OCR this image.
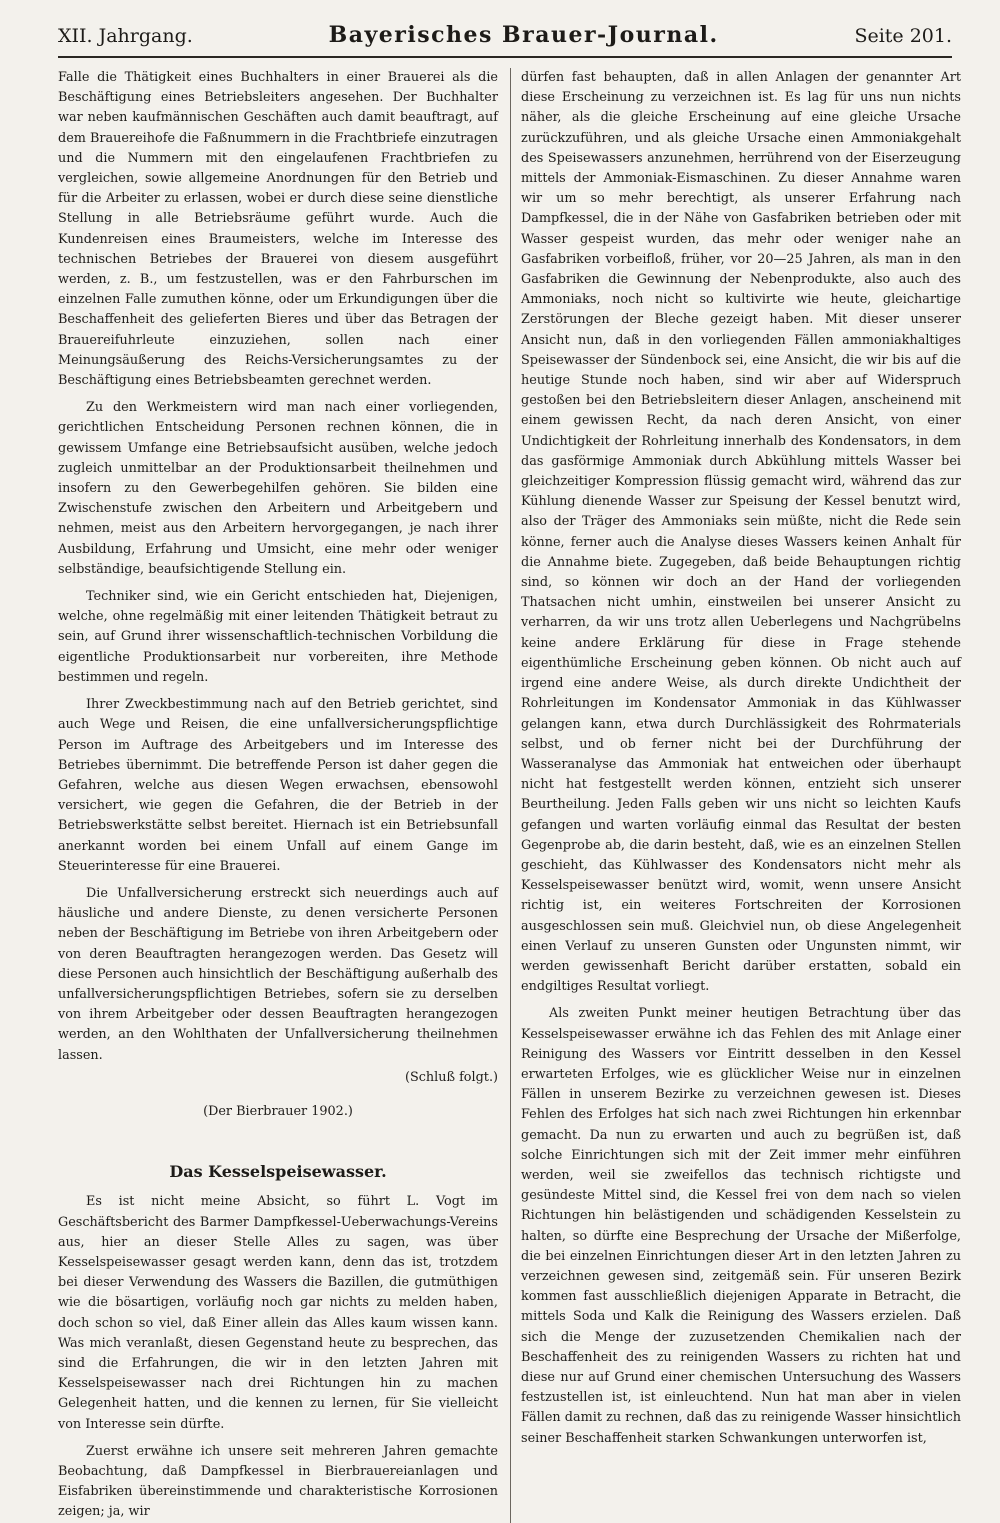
XII. Jahrgang.	Bayerisches Brauer-Journal.	Seite 201.

Falle die Thätigkeit eines Buchhalters in einer Brauerei als die Beschäftigung eines Betriebsleiters angesehen. Der Buchhalter war neben kaufmännischen Geschäften auch damit beauftragt, auf dem Brauereihofe die Faßnummern in die Frachtbriefe einzutragen und die Nummern mit den eingelaufenen Frachtbriefen zu vergleichen, sowie allgemeine Anordnungen für den Betrieb und für die Arbeiter zu erlassen, wobei er durch diese seine dienstliche Stellung in alle Betriebsräume geführt wurde. Auch die Kundenreisen eines Braumeisters, welche im Interesse des technischen Betriebes der Brauerei von diesem ausgeführt werden, z. B., um festzustellen, was er den Fahrburschen im einzelnen Falle zumuthen könne, oder um Erkundigungen über die Beschaffenheit des gelieferten Bieres und über das Betragen der Brauereifuhrleute einzuziehen, sollen nach einer Meinungsäußerung des Reichs-Versicherungsamtes zu der Beschäftigung eines Betriebsbeamten gerechnet werden.

Zu den Werkmeistern wird man nach einer vorliegenden, gerichtlichen Entscheidung Personen rechnen können, die in gewissem Umfange eine Betriebsaufsicht ausüben, welche jedoch zugleich unmittelbar an der Produktionsarbeit theilnehmen und insofern zu den Gewerbegehilfen gehören. Sie bilden eine Zwischenstufe zwischen den Arbeitern und Arbeitgebern und nehmen, meist aus den Arbeitern hervorgegangen, je nach ihrer Ausbildung, Erfahrung und Umsicht, eine mehr oder weniger selbständige, beaufsichtigende Stellung ein.

Techniker sind, wie ein Gericht entschieden hat, Diejenigen, welche, ohne regelmäßig mit einer leitenden Thätigkeit betraut zu sein, auf Grund ihrer wissenschaftlich-technischen Vorbildung die eigentliche Produktionsarbeit nur vorbereiten, ihre Methode bestimmen und regeln.

Ihrer Zweckbestimmung nach auf den Betrieb gerichtet, sind auch Wege und Reisen, die eine unfallversicherungspflichtige Person im Auftrage des Arbeitgebers und im Interesse des Betriebes übernimmt. Die betreffende Person ist daher gegen die Gefahren, welche aus diesen Wegen erwachsen, ebensowohl versichert, wie gegen die Gefahren, die der Betrieb in der Betriebswerkstätte selbst bereitet. Hiernach ist ein Betriebsunfall anerkannt worden bei einem Unfall auf einem Gange im Steuerinteresse für eine Brauerei.

Die Unfallversicherung erstreckt sich neuerdings auch auf häusliche und andere Dienste, zu denen versicherte Personen neben der Beschäftigung im Betriebe von ihren Arbeitgebern oder von deren Beauftragten herangezogen werden. Das Gesetz will diese Personen auch hinsichtlich der Beschäftigung außerhalb des unfallversicherungspflichtigen Betriebes, sofern sie zu derselben von ihrem Arbeitgeber oder dessen Beauftragten herangezogen werden, an den Wohlthaten der Unfallversicherung theilnehmen lassen.

(Schluß folgt.)
(Der Bierbrauer 1902.)
Das Kesselspeisewasser.

Es ist nicht meine Absicht, so führt L. Vogt im Geschäftsbericht des Barmer Dampfkessel-Ueberwachungs-Vereins aus, hier an dieser Stelle Alles zu sagen, was über Kesselspeisewasser gesagt werden kann, denn das ist, trotzdem bei dieser Verwendung des Wassers die Bazillen, die gutmüthigen wie die bösartigen, vorläufig noch gar nichts zu melden haben, doch schon so viel, daß Einer allein das Alles kaum wissen kann. Was mich veranlaßt, diesen Gegenstand heute zu besprechen, das sind die Erfahrungen, die wir in den letzten Jahren mit Kesselspeisewasser nach drei Richtungen hin zu machen Gelegenheit hatten, und die kennen zu lernen, für Sie vielleicht von Interesse sein dürfte.

Zuerst erwähne ich unsere seit mehreren Jahren gemachte Beobachtung, daß Dampfkessel in Bierbrauereianlagen und Eisfabriken übereinstimmende und charakteristische Korrosionen zeigen; ja, wir

dürfen fast behaupten, daß in allen Anlagen der genannter Art diese Erscheinung zu verzeichnen ist. Es lag für uns nun nichts näher, als die gleiche Erscheinung auf eine gleiche Ursache zurückzuführen, und als gleiche Ursache einen Ammoniakgehalt des Speisewassers anzunehmen, herrührend von der Eiserzeugung mittels der Ammoniak-Eismaschinen. Zu dieser Annahme waren wir um so mehr berechtigt, als unserer Erfahrung nach Dampfkessel, die in der Nähe von Gasfabriken betrieben oder mit Wasser gespeist wurden, das mehr oder weniger nahe an Gasfabriken vorbeifloß, früher, vor 20—25 Jahren, als man in den Gasfabriken die Gewinnung der Nebenprodukte, also auch des Ammoniaks, noch nicht so kultivirte wie heute, gleichartige Zerstörungen der Bleche gezeigt haben. Mit dieser unserer Ansicht nun, daß in den vorliegenden Fällen ammoniakhaltiges Speisewasser der Sündenbock sei, eine Ansicht, die wir bis auf die heutige Stunde noch haben, sind wir aber auf Widerspruch gestoßen bei den Betriebsleitern dieser Anlagen, anscheinend mit einem gewissen Recht, da nach deren Ansicht, von einer Undichtigkeit der Rohrleitung innerhalb des Kondensators, in dem das gasförmige Ammoniak durch Abkühlung mittels Wasser bei gleichzeitiger Kompression flüssig gemacht wird, während das zur Kühlung dienende Wasser zur Speisung der Kessel benutzt wird, also der Träger des Ammoniaks sein müßte, nicht die Rede sein könne, ferner auch die Analyse dieses Wassers keinen Anhalt für die Annahme biete. Zugegeben, daß beide Behauptungen richtig sind, so können wir doch an der Hand der vorliegenden Thatsachen nicht umhin, einstweilen bei unserer Ansicht zu verharren, da wir uns trotz allen Ueberlegens und Nachgrübelns keine andere Erklärung für diese in Frage stehende eigenthümliche Erscheinung geben können. Ob nicht auch auf irgend eine andere Weise, als durch direkte Undichtheit der Rohrleitungen im Kondensator Ammoniak in das Kühlwasser gelangen kann, etwa durch Durchlässigkeit des Rohrmaterials selbst, und ob ferner nicht bei der Durchführung der Wasseranalyse das Ammoniak hat entweichen oder überhaupt nicht hat festgestellt werden können, entzieht sich unserer Beurtheilung. Jeden Falls geben wir uns nicht so leichten Kaufs gefangen und warten vorläufig einmal das Resultat der besten Gegenprobe ab, die darin besteht, daß, wie es an einzelnen Stellen geschieht, das Kühlwasser des Kondensators nicht mehr als Kesselspeisewasser benützt wird, womit, wenn unsere Ansicht richtig ist, ein weiteres Fortschreiten der Korrosionen ausgeschlossen sein muß. Gleichviel nun, ob diese Angelegenheit einen Verlauf zu unseren Gunsten oder Ungunsten nimmt, wir werden gewissenhaft Bericht darüber erstatten, sobald ein endgiltiges Resultat vorliegt.

Als zweiten Punkt meiner heutigen Betrachtung über das Kesselspeisewasser erwähne ich das Fehlen des mit Anlage einer Reinigung des Wassers vor Eintritt desselben in den Kessel erwarteten Erfolges, wie es glücklicher Weise nur in einzelnen Fällen in unserem Bezirke zu verzeichnen gewesen ist. Dieses Fehlen des Erfolges hat sich nach zwei Richtungen hin erkennbar gemacht. Da nun zu erwarten und auch zu begrüßen ist, daß solche Einrichtungen sich mit der Zeit immer mehr einführen werden, weil sie zweifellos das technisch richtigste und gesündeste Mittel sind, die Kessel frei von dem nach so vielen Richtungen hin belästigenden und schädigenden Kesselstein zu halten, so dürfte eine Besprechung der Ursache der Mißerfolge, die bei einzelnen Einrichtungen dieser Art in den letzten Jahren zu verzeichnen gewesen sind, zeitgemäß sein. Für unseren Bezirk kommen fast ausschließlich diejenigen Apparate in Betracht, die mittels Soda und Kalk die Reinigung des Wassers erzielen. Daß sich die Menge der zuzusetzenden Chemikalien nach der Beschaffenheit des zu reinigenden Wassers zu richten hat und diese nur auf Grund einer chemischen Untersuchung des Wassers festzustellen ist, ist einleuchtend. Nun hat man aber in vielen Fällen damit zu rechnen, daß das zu reinigende Wasser hinsichtlich seiner Beschaffenheit starken Schwankungen unterworfen ist,
